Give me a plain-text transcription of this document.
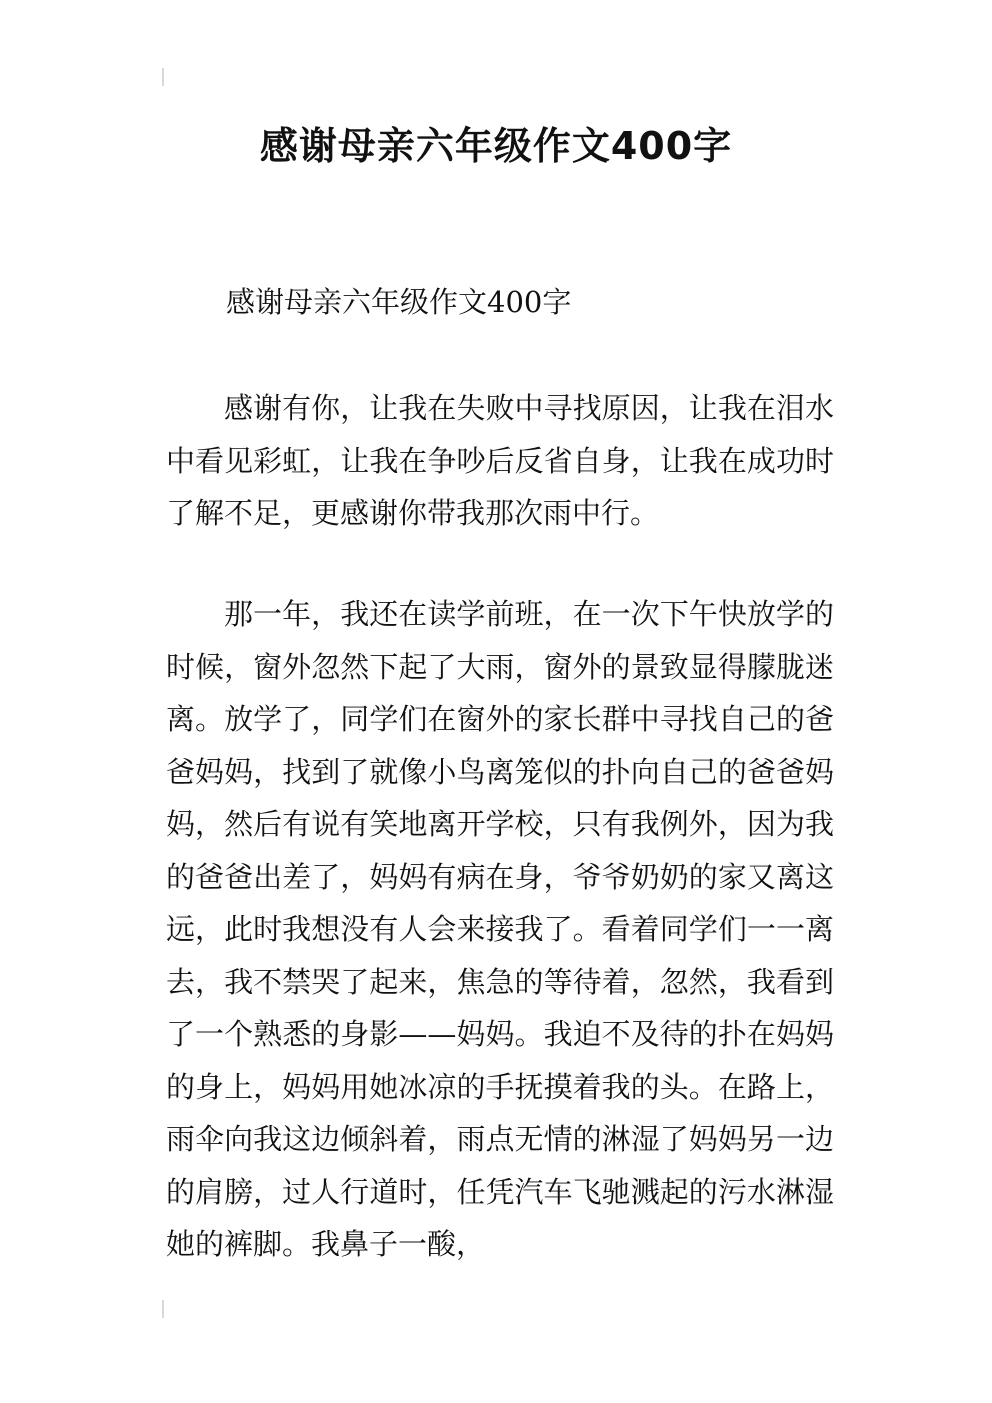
感谢母亲六年级作文400字

感谢母亲六年级作文400字

感谢有你，让我在失败中寻找原因，让我在泪水中看见彩虹，让我在争吵后反省自身，让我在成功时了解不足，更感谢你带我那次雨中行。

那一年，我还在读学前班，在一次下午快放学的时候，窗外忽然下起了大雨，窗外的景致显得朦胧迷离。放学了，同学们在窗外的家长群中寻找自己的爸爸妈妈，找到了就像小鸟离笼似的扑向自己的爸爸妈妈，然后有说有笑地离开学校，只有我例外，因为我的爸爸出差了，妈妈有病在身，爷爷奶奶的家又离这远，此时我想没有人会来接我了。看着同学们一一离去，我不禁哭了起来，焦急的等待着，忽然，我看到了一个熟悉的身影——妈妈。我迫不及待的扑在妈妈的身上，妈妈用她冰凉的手抚摸着我的头。在路上，雨伞向我这边倾斜着，雨点无情的淋湿了妈妈另一边的肩膀，过人行道时，任凭汽车飞驰溅起的污水淋湿她的裤脚。我鼻子一酸，
